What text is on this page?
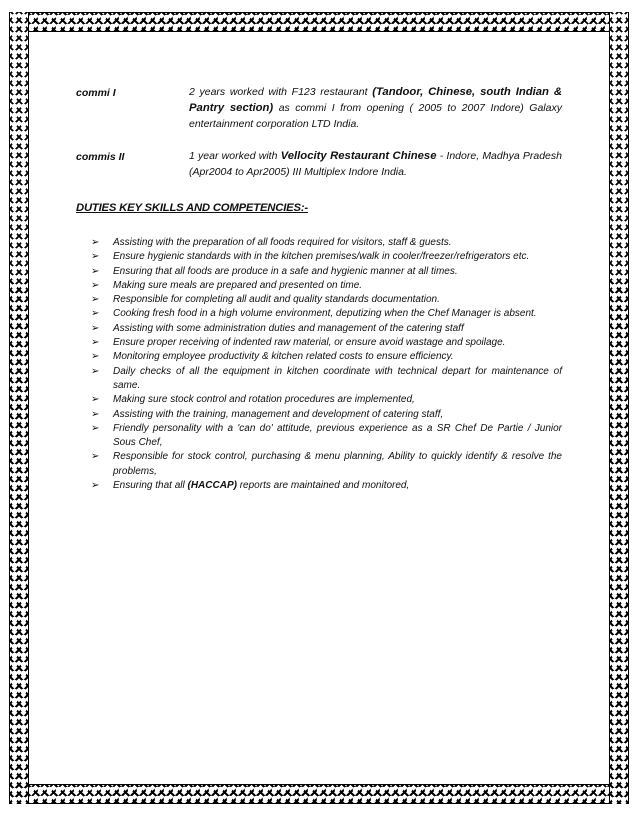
commi I	2 years worked with F123 restaurant (Tandoor, Chinese, south Indian & Pantry section) as commi I from opening ( 2005 to 2007 Indore) Galaxy entertainment corporation LTD India.
commis II	1 year worked with Vellocity Restaurant Chinese - Indore, Madhya Pradesh (Apr2004 to Apr2005) III Multiplex Indore India.
DUTIES KEY SKILLS AND COMPETENCIES:-
➢ Assisting with the preparation of all foods required for visitors, staff & guests.
➢ Ensure hygienic standards with in the kitchen premises/walk in cooler/freezer/refrigerators etc.
➢ Ensuring that all foods are produce in a safe and hygienic manner at all times.
➢ Making sure meals are prepared and presented on time.
➢ Responsible for completing all audit and quality standards documentation.
➢ Cooking fresh food in a high volume environment, deputizing when the Chef Manager is absent.
➢ Assisting with some administration duties and management of the catering staff
➢ Ensure proper receiving of indented raw material, or ensure avoid wastage and spoilage.
➢ Monitoring employee productivity & kitchen related costs to ensure efficiency.
➢ Daily checks of all the equipment in kitchen coordinate with technical depart for maintenance of same.
➢ Making sure stock control and rotation procedures are implemented,
➢ Assisting with the training, management and development of catering staff,
➢ Friendly personality with a 'can do' attitude, previous experience as a SR Chef De Partie / Junior Sous Chef,
➢ Responsible for stock control, purchasing & menu planning, Ability to quickly identify & resolve the problems,
➢ Ensuring that all (HACCAP) reports are maintained and monitored,
